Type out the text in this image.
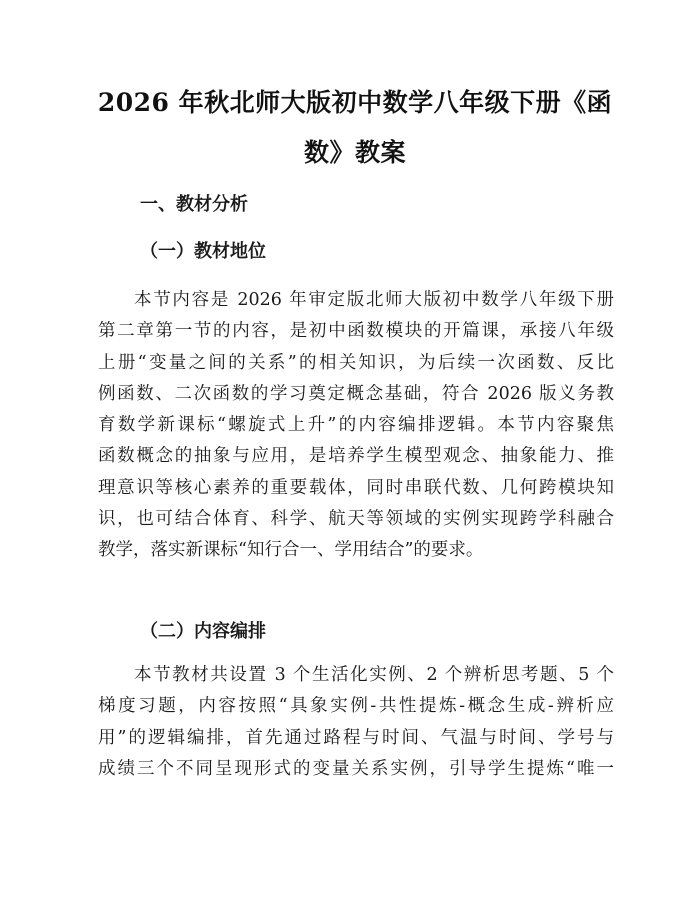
2026 年秋北师大版初中数学八年级下册《函
数》教案
一、教材分析
（一）教材地位

本节内容是 2026 年审定版北师大版初中数学八年级下册
第二章第一节的内容，是初中函数模块的开篇课，承接八年级
上册“变量之间的关系”的相关知识，为后续一次函数、反比
例函数、二次函数的学习奠定概念基础，符合 2026 版义务教
育数学新课标“螺旋式上升”的内容编排逻辑。本节内容聚焦
函数概念的抽象与应用，是培养学生模型观念、抽象能力、推
理意识等核心素养的重要载体，同时串联代数、几何跨模块知
识，也可结合体育、科学、航天等领域的实例实现跨学科融合
教学，落实新课标“知行合一、学用结合”的要求。

（二）内容编排

本节教材共设置 3 个生活化实例、2 个辨析思考题、5 个
梯度习题，内容按照“具象实例-共性提炼-概念生成-辨析应
用”的逻辑编排，首先通过路程与时间、气温与时间、学号与
成绩三个不同呈现形式的变量关系实例，引导学生提炼“唯一
